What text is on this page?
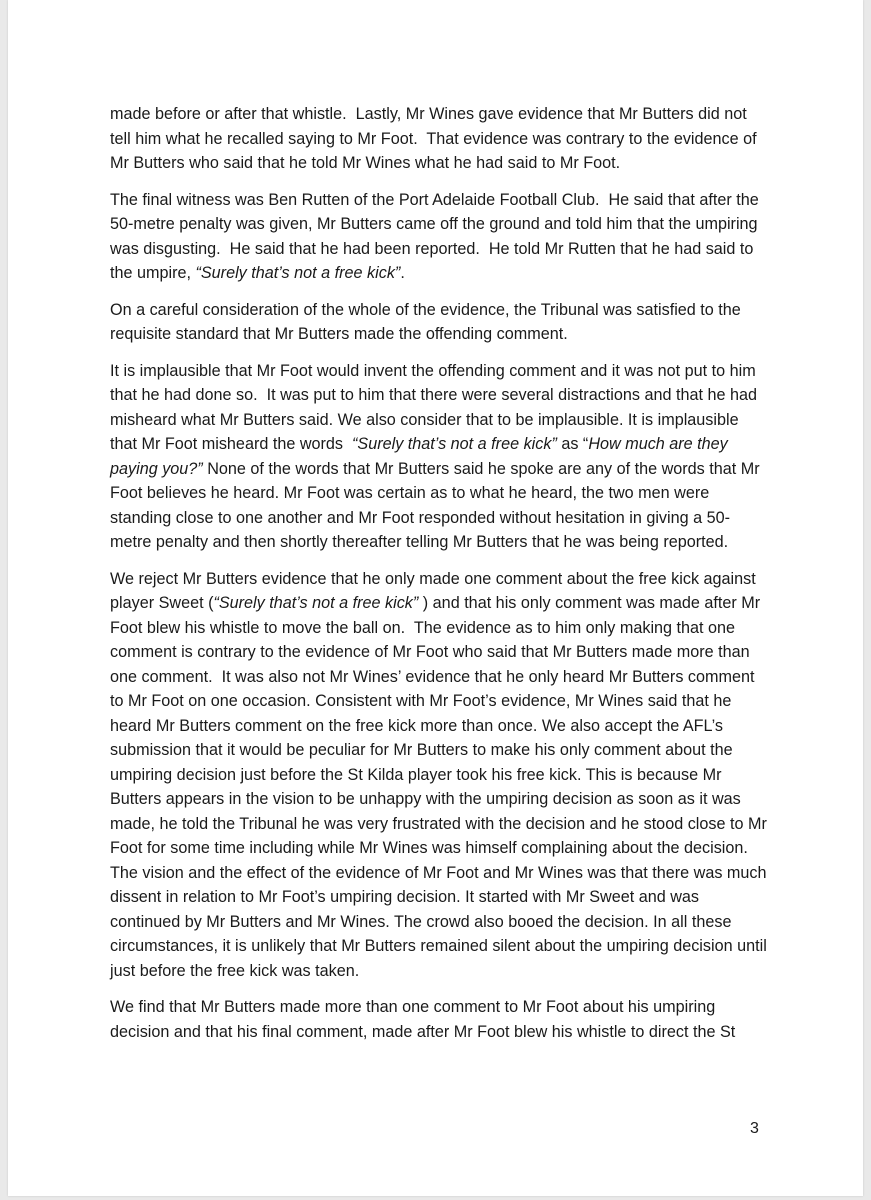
made before or after that whistle.  Lastly, Mr Wines gave evidence that Mr Butters did not tell him what he recalled saying to Mr Foot.  That evidence was contrary to the evidence of Mr Butters who said that he told Mr Wines what he had said to Mr Foot.

The final witness was Ben Rutten of the Port Adelaide Football Club.  He said that after the 50-metre penalty was given, Mr Butters came off the ground and told him that the umpiring was disgusting.  He said that he had been reported.  He told Mr Rutten that he had said to the umpire, “Surely that’s not a free kick”.

On a careful consideration of the whole of the evidence, the Tribunal was satisfied to the requisite standard that Mr Butters made the offending comment.

It is implausible that Mr Foot would invent the offending comment and it was not put to him that he had done so.  It was put to him that there were several distractions and that he had misheard what Mr Butters said. We also consider that to be implausible. It is implausible that Mr Foot misheard the words  “Surely that’s not a free kick” as “How much are they paying you?” None of the words that Mr Butters said he spoke are any of the words that Mr Foot believes he heard. Mr Foot was certain as to what he heard, the two men were standing close to one another and Mr Foot responded without hesitation in giving a 50-metre penalty and then shortly thereafter telling Mr Butters that he was being reported.

We reject Mr Butters evidence that he only made one comment about the free kick against player Sweet (“Surely that’s not a free kick” ) and that his only comment was made after Mr Foot blew his whistle to move the ball on.  The evidence as to him only making that one comment is contrary to the evidence of Mr Foot who said that Mr Butters made more than one comment.  It was also not Mr Wines’ evidence that he only heard Mr Butters comment to Mr Foot on one occasion. Consistent with Mr Foot’s evidence, Mr Wines said that he heard Mr Butters comment on the free kick more than once. We also accept the AFL’s submission that it would be peculiar for Mr Butters to make his only comment about the umpiring decision just before the St Kilda player took his free kick. This is because Mr Butters appears in the vision to be unhappy with the umpiring decision as soon as it was made, he told the Tribunal he was very frustrated with the decision and he stood close to Mr Foot for some time including while Mr Wines was himself complaining about the decision. The vision and the effect of the evidence of Mr Foot and Mr Wines was that there was much dissent in relation to Mr Foot’s umpiring decision. It started with Mr Sweet and was continued by Mr Butters and Mr Wines. The crowd also booed the decision. In all these circumstances, it is unlikely that Mr Butters remained silent about the umpiring decision until just before the free kick was taken.

We find that Mr Butters made more than one comment to Mr Foot about his umpiring decision and that his final comment, made after Mr Foot blew his whistle to direct the St

3
